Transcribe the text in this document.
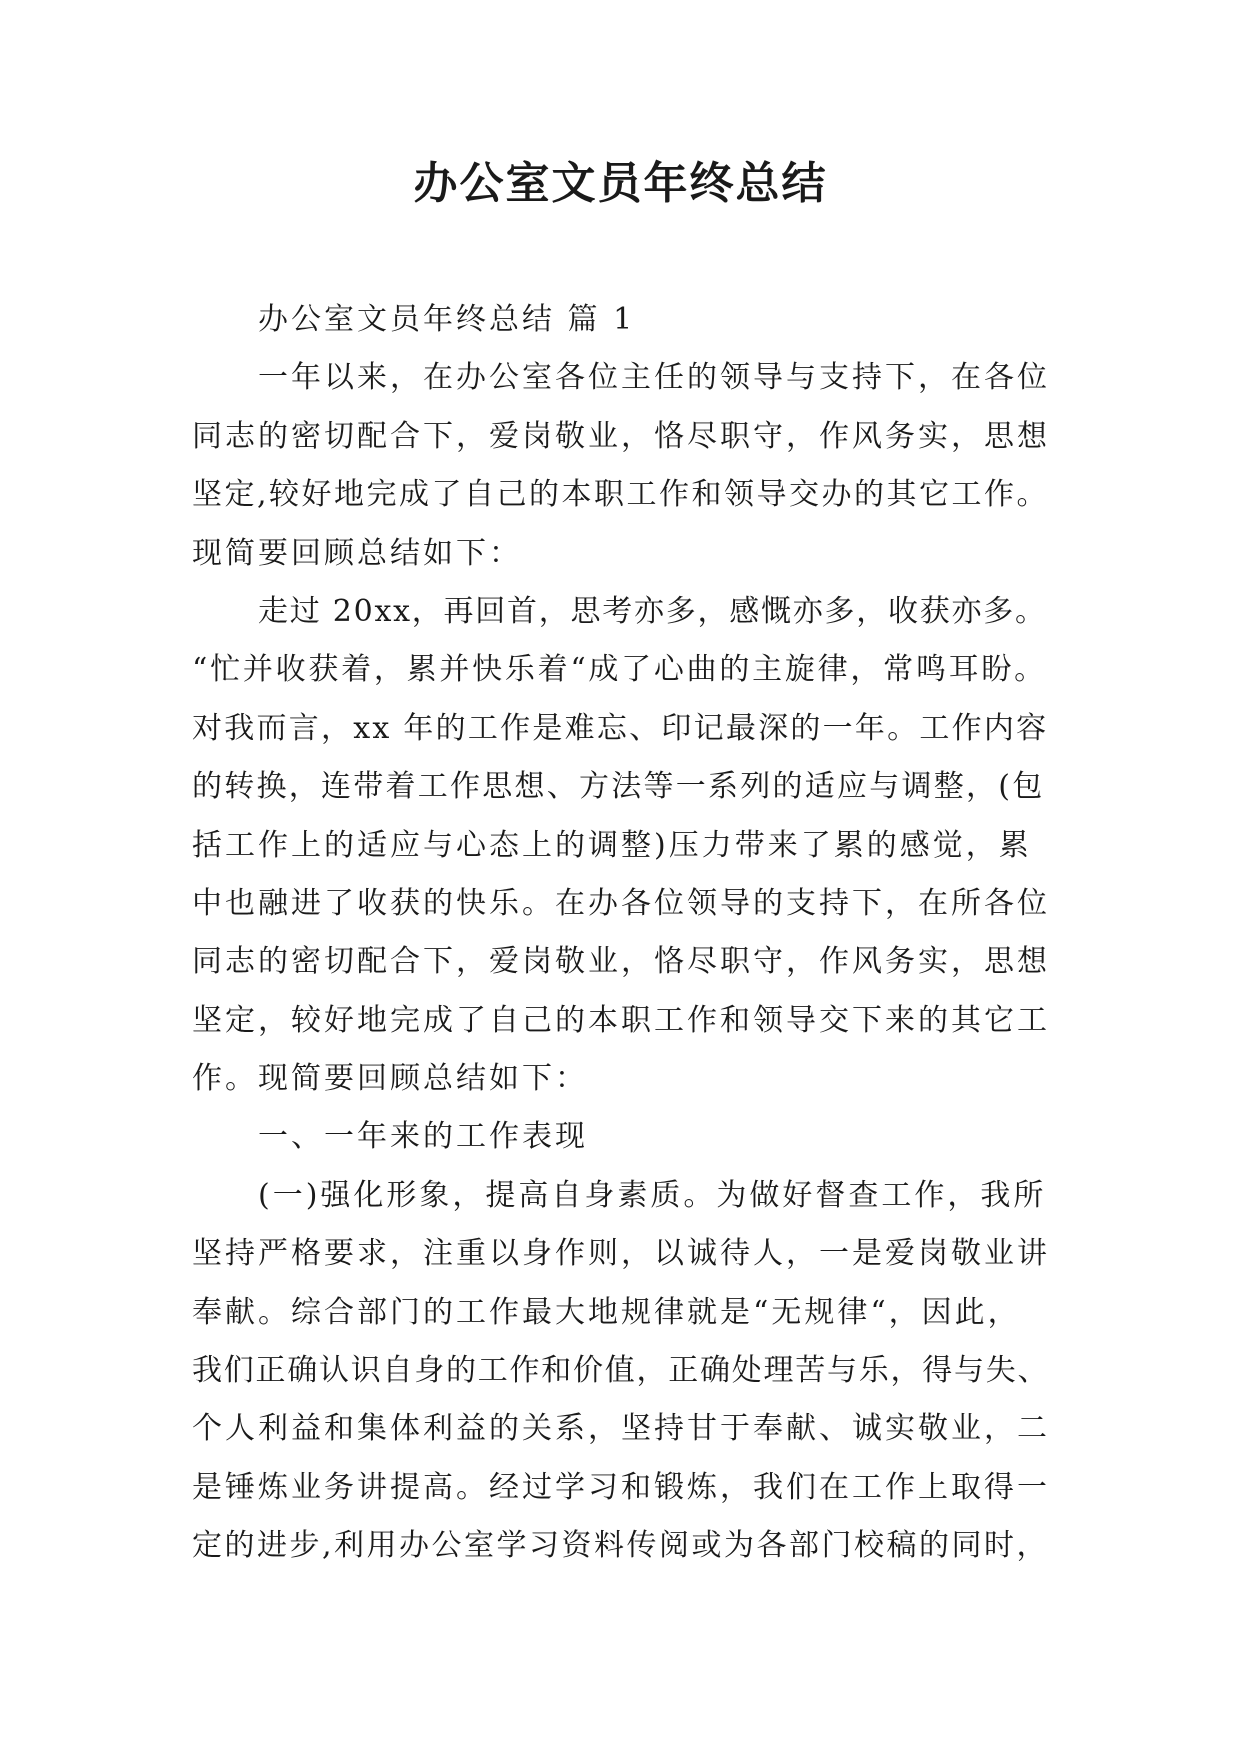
办公室文员年终总结
办公室文员年终总结 篇 1
一年以来，在办公室各位主任的领导与支持下，在各位
同志的密切配合下，爱岗敬业，恪尽职守，作风务实，思想
坚定,较好地完成了自己的本职工作和领导交办的其它工作。
现简要回顾总结如下：
走过 20xx，再回首，思考亦多，感慨亦多，收获亦多。
“忙并收获着，累并快乐着“成了心曲的主旋律，常鸣耳盼。
对我而言，xx 年的工作是难忘、印记最深的一年。工作内容
的转换，连带着工作思想、方法等一系列的适应与调整，(包
括工作上的适应与心态上的调整)压力带来了累的感觉，累
中也融进了收获的快乐。在办各位领导的支持下，在所各位
同志的密切配合下，爱岗敬业，恪尽职守，作风务实，思想
坚定，较好地完成了自己的本职工作和领导交下来的其它工
作。现简要回顾总结如下：
一、一年来的工作表现
(一)强化形象，提高自身素质。为做好督查工作，我所
坚持严格要求，注重以身作则，以诚待人，一是爱岗敬业讲
奉献。综合部门的工作最大地规律就是“无规律“，因此，
我们正确认识自身的工作和价值，正确处理苦与乐，得与失、
个人利益和集体利益的关系，坚持甘于奉献、诚实敬业，二
是锤炼业务讲提高。经过学习和锻炼，我们在工作上取得一
定的进步,利用办公室学习资料传阅或为各部门校稿的同时，
